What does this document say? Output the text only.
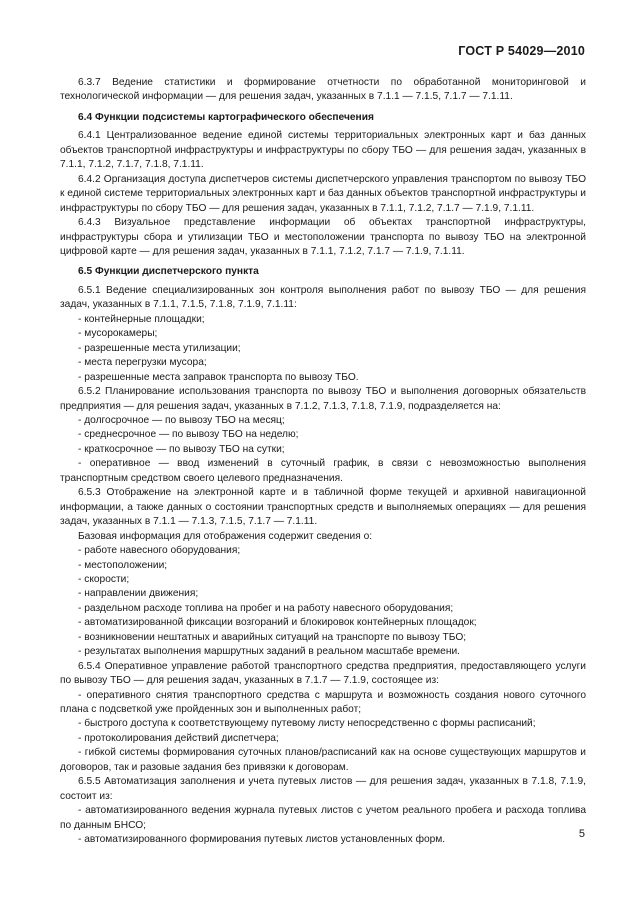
ГОСТ Р 54029—2010
6.3.7 Ведение статистики и формирование отчетности по обработанной мониторинговой и технологической информации — для решения задач, указанных в 7.1.1 — 7.1.5, 7.1.7 — 7.1.11.
6.4 Функции подсистемы картографического обеспечения
6.4.1 Централизованное ведение единой системы территориальных электронных карт и баз данных объектов транспортной инфраструктуры и инфраструктуры по сбору ТБО — для решения задач, указанных в 7.1.1, 7.1.2, 7.1.7, 7.1.8, 7.1.11.
6.4.2 Организация доступа диспетчеров системы диспетчерского управления транспортом по вывозу ТБО к единой системе территориальных электронных карт и баз данных объектов транспортной инфраструктуры и инфраструктуры по сбору ТБО — для решения задач, указанных в 7.1.1, 7.1.2, 7.1.7 — 7.1.9, 7.1.11.
6.4.3 Визуальное представление информации об объектах транспортной инфраструктуры, инфраструктуры сбора и утилизации ТБО и местоположении транспорта по вывозу ТБО на электронной цифровой карте — для решения задач, указанных в 7.1.1, 7.1.2, 7.1.7 — 7.1.9, 7.1.11.
6.5 Функции диспетчерского пункта
6.5.1 Ведение специализированных зон контроля выполнения работ по вывозу ТБО — для решения задач, указанных в 7.1.1, 7.1.5, 7.1.8, 7.1.9, 7.1.11:
- контейнерные площадки;
- мусорокамеры;
- разрешенные места утилизации;
- места перегрузки мусора;
- разрешенные места заправок транспорта по вывозу ТБО.
6.5.2 Планирование использования транспорта по вывозу ТБО и выполнения договорных обязательств предприятия — для решения задач, указанных в 7.1.2, 7.1.3, 7.1.8, 7.1.9, подразделяется на:
- долгосрочное — по вывозу ТБО на месяц;
- среднесрочное — по вывозу ТБО на неделю;
- краткосрочное — по вывозу ТБО на сутки;
- оперативное — ввод изменений в суточный график, в связи с невозможностью выполнения транспортным средством своего целевого предназначения.
6.5.3 Отображение на электронной карте и в табличной форме текущей и архивной навигационной информации, а также данных о состоянии транспортных средств и выполняемых операциях — для решения задач, указанных в 7.1.1 — 7.1.3, 7.1.5, 7.1.7 — 7.1.11.
Базовая информация для отображения содержит сведения о:
- работе навесного оборудования;
- местоположении;
- скорости;
- направлении движения;
- раздельном расходе топлива на пробег и на работу навесного оборудования;
- автоматизированной фиксации возгораний и блокировок контейнерных площадок;
- возникновении нештатных и аварийных ситуаций на транспорте по вывозу ТБО;
- результатах выполнения маршрутных заданий в реальном масштабе времени.
6.5.4 Оперативное управление работой транспортного средства предприятия, предоставляющего услуги по вывозу ТБО — для решения задач, указанных в 7.1.7 — 7.1.9, состоящее из:
- оперативного снятия транспортного средства с маршрута и возможность создания нового суточного плана с подсветкой уже пройденных зон и выполненных работ;
- быстрого доступа к соответствующему путевому листу непосредственно с формы расписаний;
- протоколирования действий диспетчера;
- гибкой системы формирования суточных планов/расписаний как на основе существующих маршрутов и договоров, так и разовые задания без привязки к договорам.
6.5.5 Автоматизация заполнения и учета путевых листов — для решения задач, указанных в 7.1.8, 7.1.9, состоит из:
- автоматизированного ведения журнала путевых листов с учетом реального пробега и расхода топлива по данным БНСО;
- автоматизированного формирования путевых листов установленных форм.	5
